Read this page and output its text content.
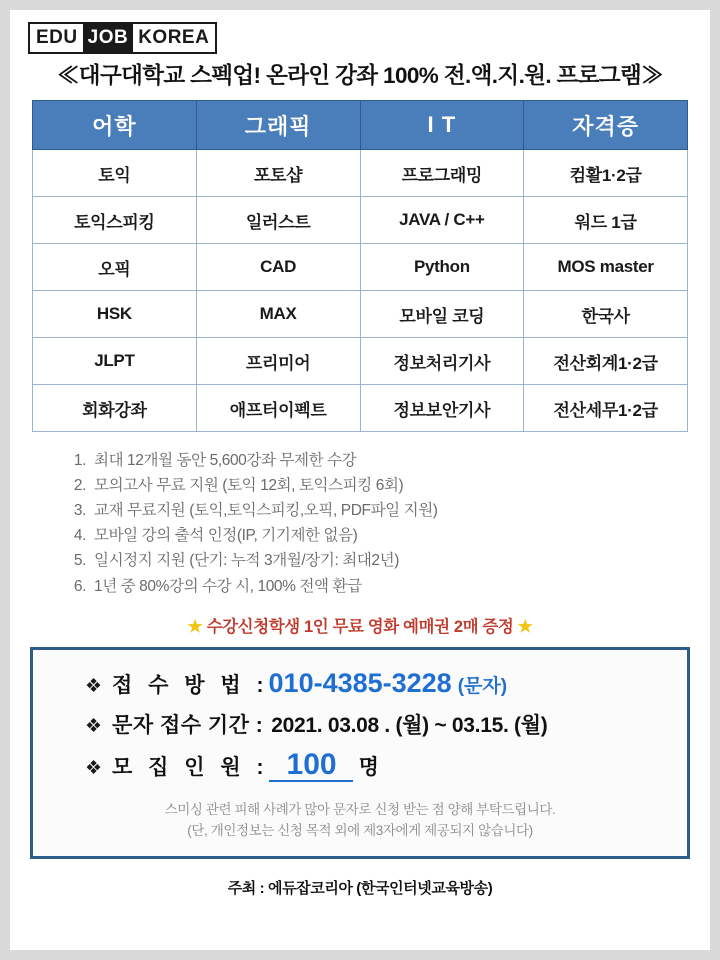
EDU JOB KOREA
≪대구대학교 스펙업! 온라인 강좌 100% 전.액.지.원. 프로그램≫
어학	그래픽	I T	자격증
토익	포토샵	프로그래밍	컴활1·2급
토익스피킹	일러스트	JAVA / C++	워드 1급
오픽	CAD	Python	MOS master
HSK	MAX	모바일 코딩	한국사
JLPT	프리미어	정보처리기사	전산회계1·2급
회화강좌	애프터이펙트	정보보안기사	전산세무1·2급
1. 최대 12개월 동안 5,600강좌 무제한 수강
2. 모의고사 무료 지원 (토익 12회, 토익스피킹 6회)
3. 교재 무료지원 (토익,토익스피킹,오픽, PDF파일 지원)
4. 모바일 강의 출석 인정(IP, 기기제한 없음)
5. 일시정지 지원 (단기: 누적 3개월/장기: 최대2년)
6. 1년 중 80%강의 수강 시, 100% 전액 환급
★ 수강신청학생 1인 무료 영화 예매권 2매 증정 ★
❖ 접 수 방 법 : 010-4385-3228 (문자)
❖ 문자 접수 기간 : 2021. 03.08 . (월) ~ 03.15. (월)
❖ 모 집 인 원 : 100	명
스미싱 관련 피해 사례가 많아 문자로 신청 받는 점 양해 부탁드립니다.
(단, 개인정보는 신청 목적 외에 제3자에게 제공되지 않습니다)
주최 : 에듀잡코리아 (한국인터넷교육방송)
